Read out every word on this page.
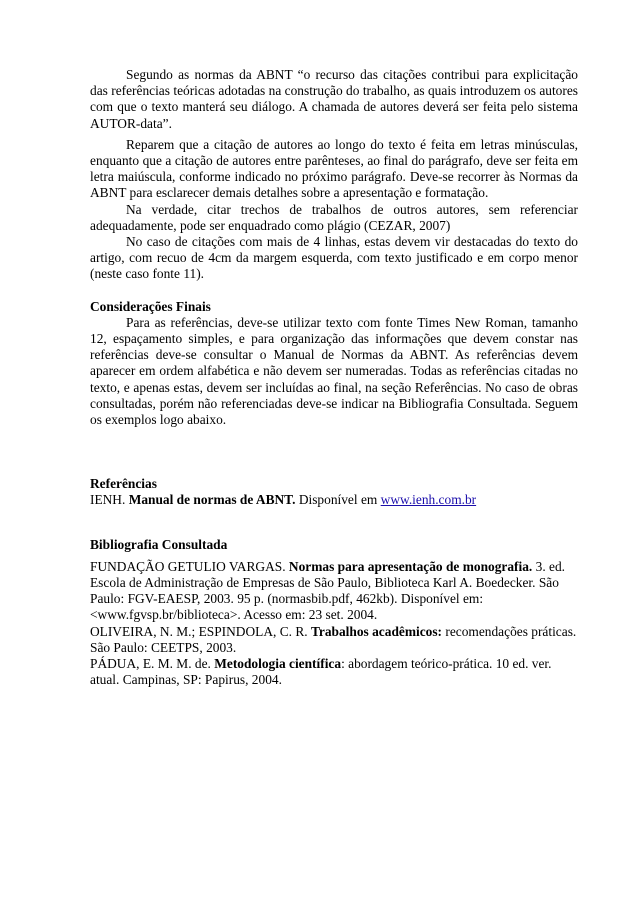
Segundo as normas da ABNT “o recurso das citações contribui para explicitação das referências teóricas adotadas na construção do trabalho, as quais introduzem os autores com que o texto manterá seu diálogo. A chamada de autores deverá ser feita pelo sistema AUTOR-data”.

Reparem que a citação de autores ao longo do texto é feita em letras minúsculas, enquanto que a citação de autores entre parênteses, ao final do parágrafo, deve ser feita em letra maiúscula, conforme indicado no próximo parágrafo. Deve-se recorrer às Normas da ABNT para esclarecer demais detalhes sobre a apresentação e formatação.

Na verdade, citar trechos de trabalhos de outros autores, sem referenciar adequadamente, pode ser enquadrado como plágio (CEZAR, 2007)

No caso de citações com mais de 4 linhas, estas devem vir destacadas do texto do artigo, com recuo de 4cm da margem esquerda, com texto justificado e em corpo menor (neste caso fonte 11).

Considerações Finais

Para as referências, deve-se utilizar texto com fonte Times New Roman, tamanho 12, espaçamento simples, e para organização das informações que devem constar nas referências deve-se consultar o Manual de Normas da ABNT. As referências devem aparecer em ordem alfabética e não devem ser numeradas. Todas as referências citadas no texto, e apenas estas, devem ser incluídas ao final, na seção Referências. No caso de obras consultadas, porém não referenciadas deve-se indicar na Bibliografia Consultada. Seguem os exemplos logo abaixo.

Referências

IENH. Manual de normas de ABNT. Disponível em www.ienh.com.br

Bibliografia Consultada

FUNDAÇÃO GETULIO VARGAS. Normas para apresentação de monografia. 3. ed. Escola de Administração de Empresas de São Paulo, Biblioteca Karl A. Boedecker. São Paulo: FGV-EAESP, 2003. 95 p. (normasbib.pdf, 462kb). Disponível em: <www.fgvsp.br/biblioteca>. Acesso em: 23 set. 2004.

OLIVEIRA, N. M.; ESPINDOLA, C. R. Trabalhos acadêmicos: recomendações práticas. São Paulo: CEETPS, 2003.

PÁDUA, E. M. M. de. Metodologia científica: abordagem teórico-prática. 10 ed. ver. atual. Campinas, SP: Papirus, 2004.
